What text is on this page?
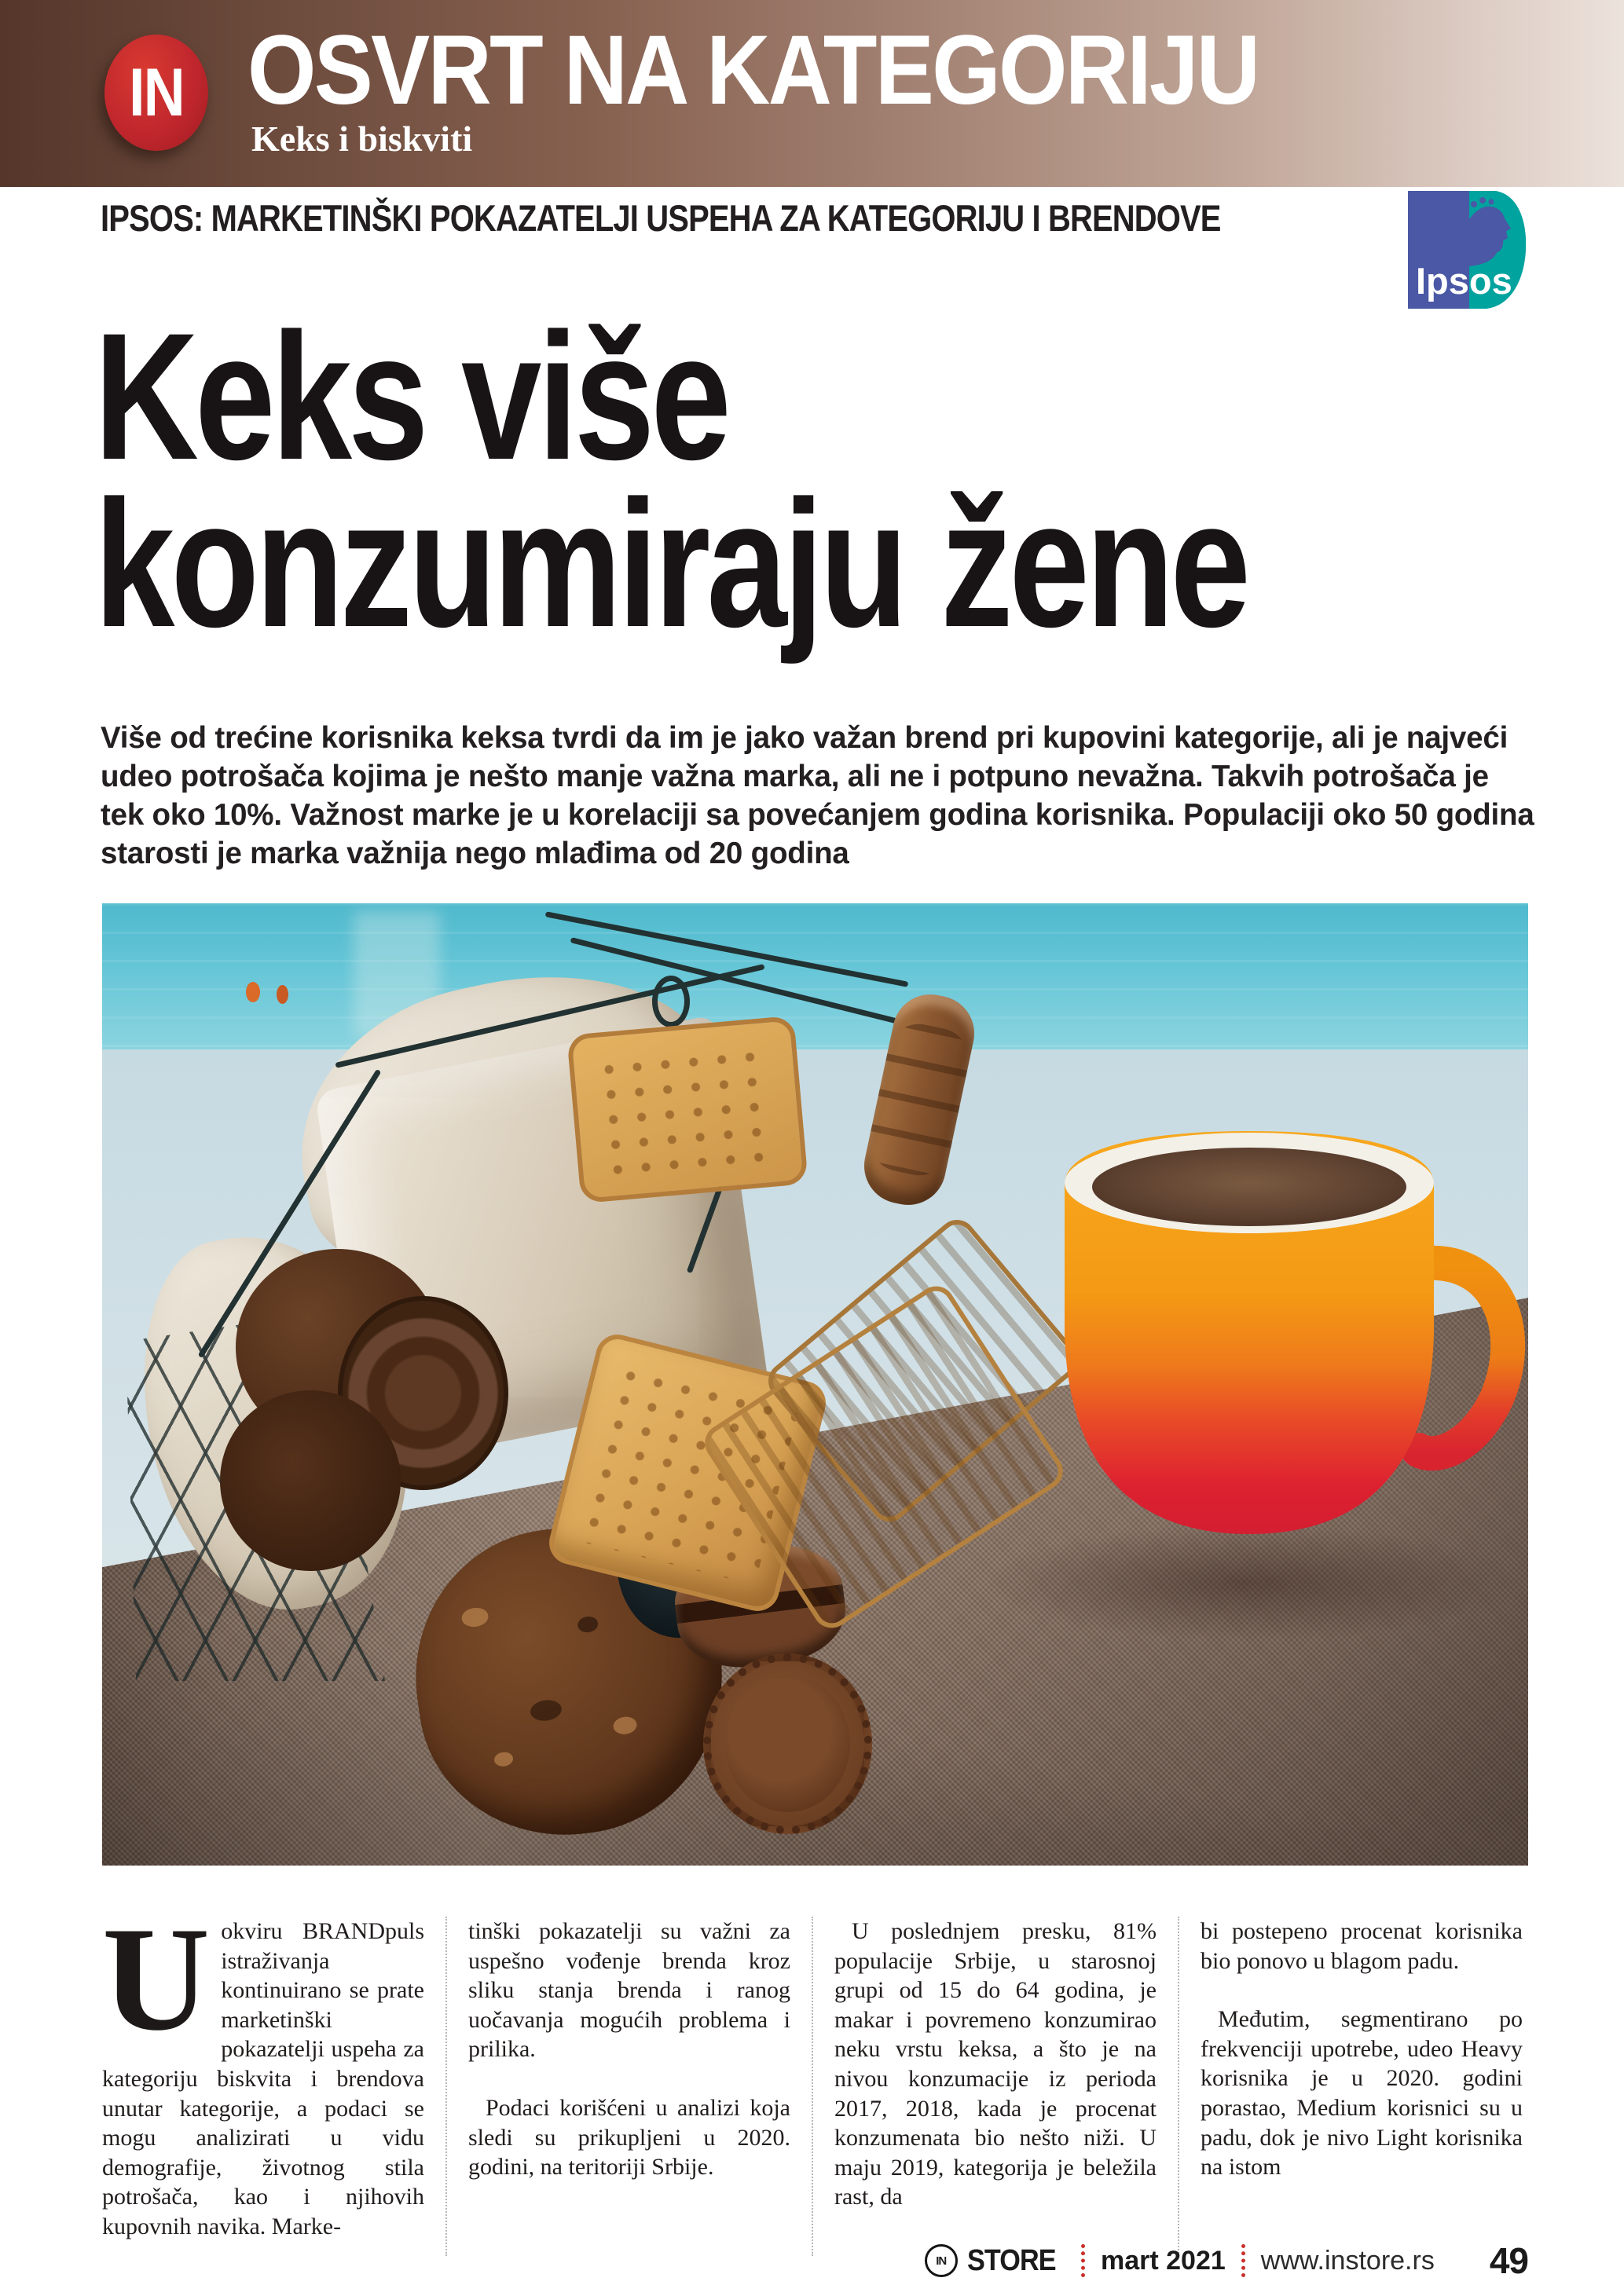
IN OSVRT NA KATEGORIJU
Keks i biskviti
IPSOS: MARKETINŠKI POKAZATELJI USPEHA ZA KATEGORIJU I BRENDOVE
Ipsos
Keks više
konzumiraju žene

Više od trećine korisnika keksa tvrdi da im je jako važan brend pri kupovini kategorije, ali je najveći udeo potrošača kojima je nešto manje važna marka, ali ne i potpuno nevažna. Takvih potrošača je tek oko 10%. Važnost marke je u korelaciji sa povećanjem godina korisnika. Populaciji oko 50 godina starosti je marka važnija nego mlađima od 20 godina

Uokviru BRANDpuls istraživanja kontinuirano se prate marketinški pokazatelji uspeha za kategoriju biskvita i brendova unutar kategorije, a podaci se mogu analizirati u vidu demografije, životnog stila potrošača, kao i njihovih kupovnih navika. Marke-

tinški pokazatelji su važni za uspešno vođenje brenda kroz sliku stanja brenda i ranog uočavanja mogućih problema i prilika.

Podaci korišćeni u analizi koja sledi su prikupljeni u 2020. godini, na teritoriji Srbije.

U poslednjem presku, 81% populacije Srbije, u starosnoj grupi od 15 do 64 godina, je makar i povremeno konzumirao neku vrstu keksa, a što je na nivou konzumacije iz perioda 2017, 2018, kada je procenat konzumenata bio nešto niži. U maju 2019, kategorija je beležila rast, da

bi postepeno procenat korisnika bio ponovo u blagom padu.

Međutim, segmentirano po frekvenciji upotrebe, udeo Heavy korisnika je u 2020. godini porastao, Medium korisnici su u padu, dok je nivo Light korisnika na istom

IN STORE mart 2021 www.instore.rs 49
